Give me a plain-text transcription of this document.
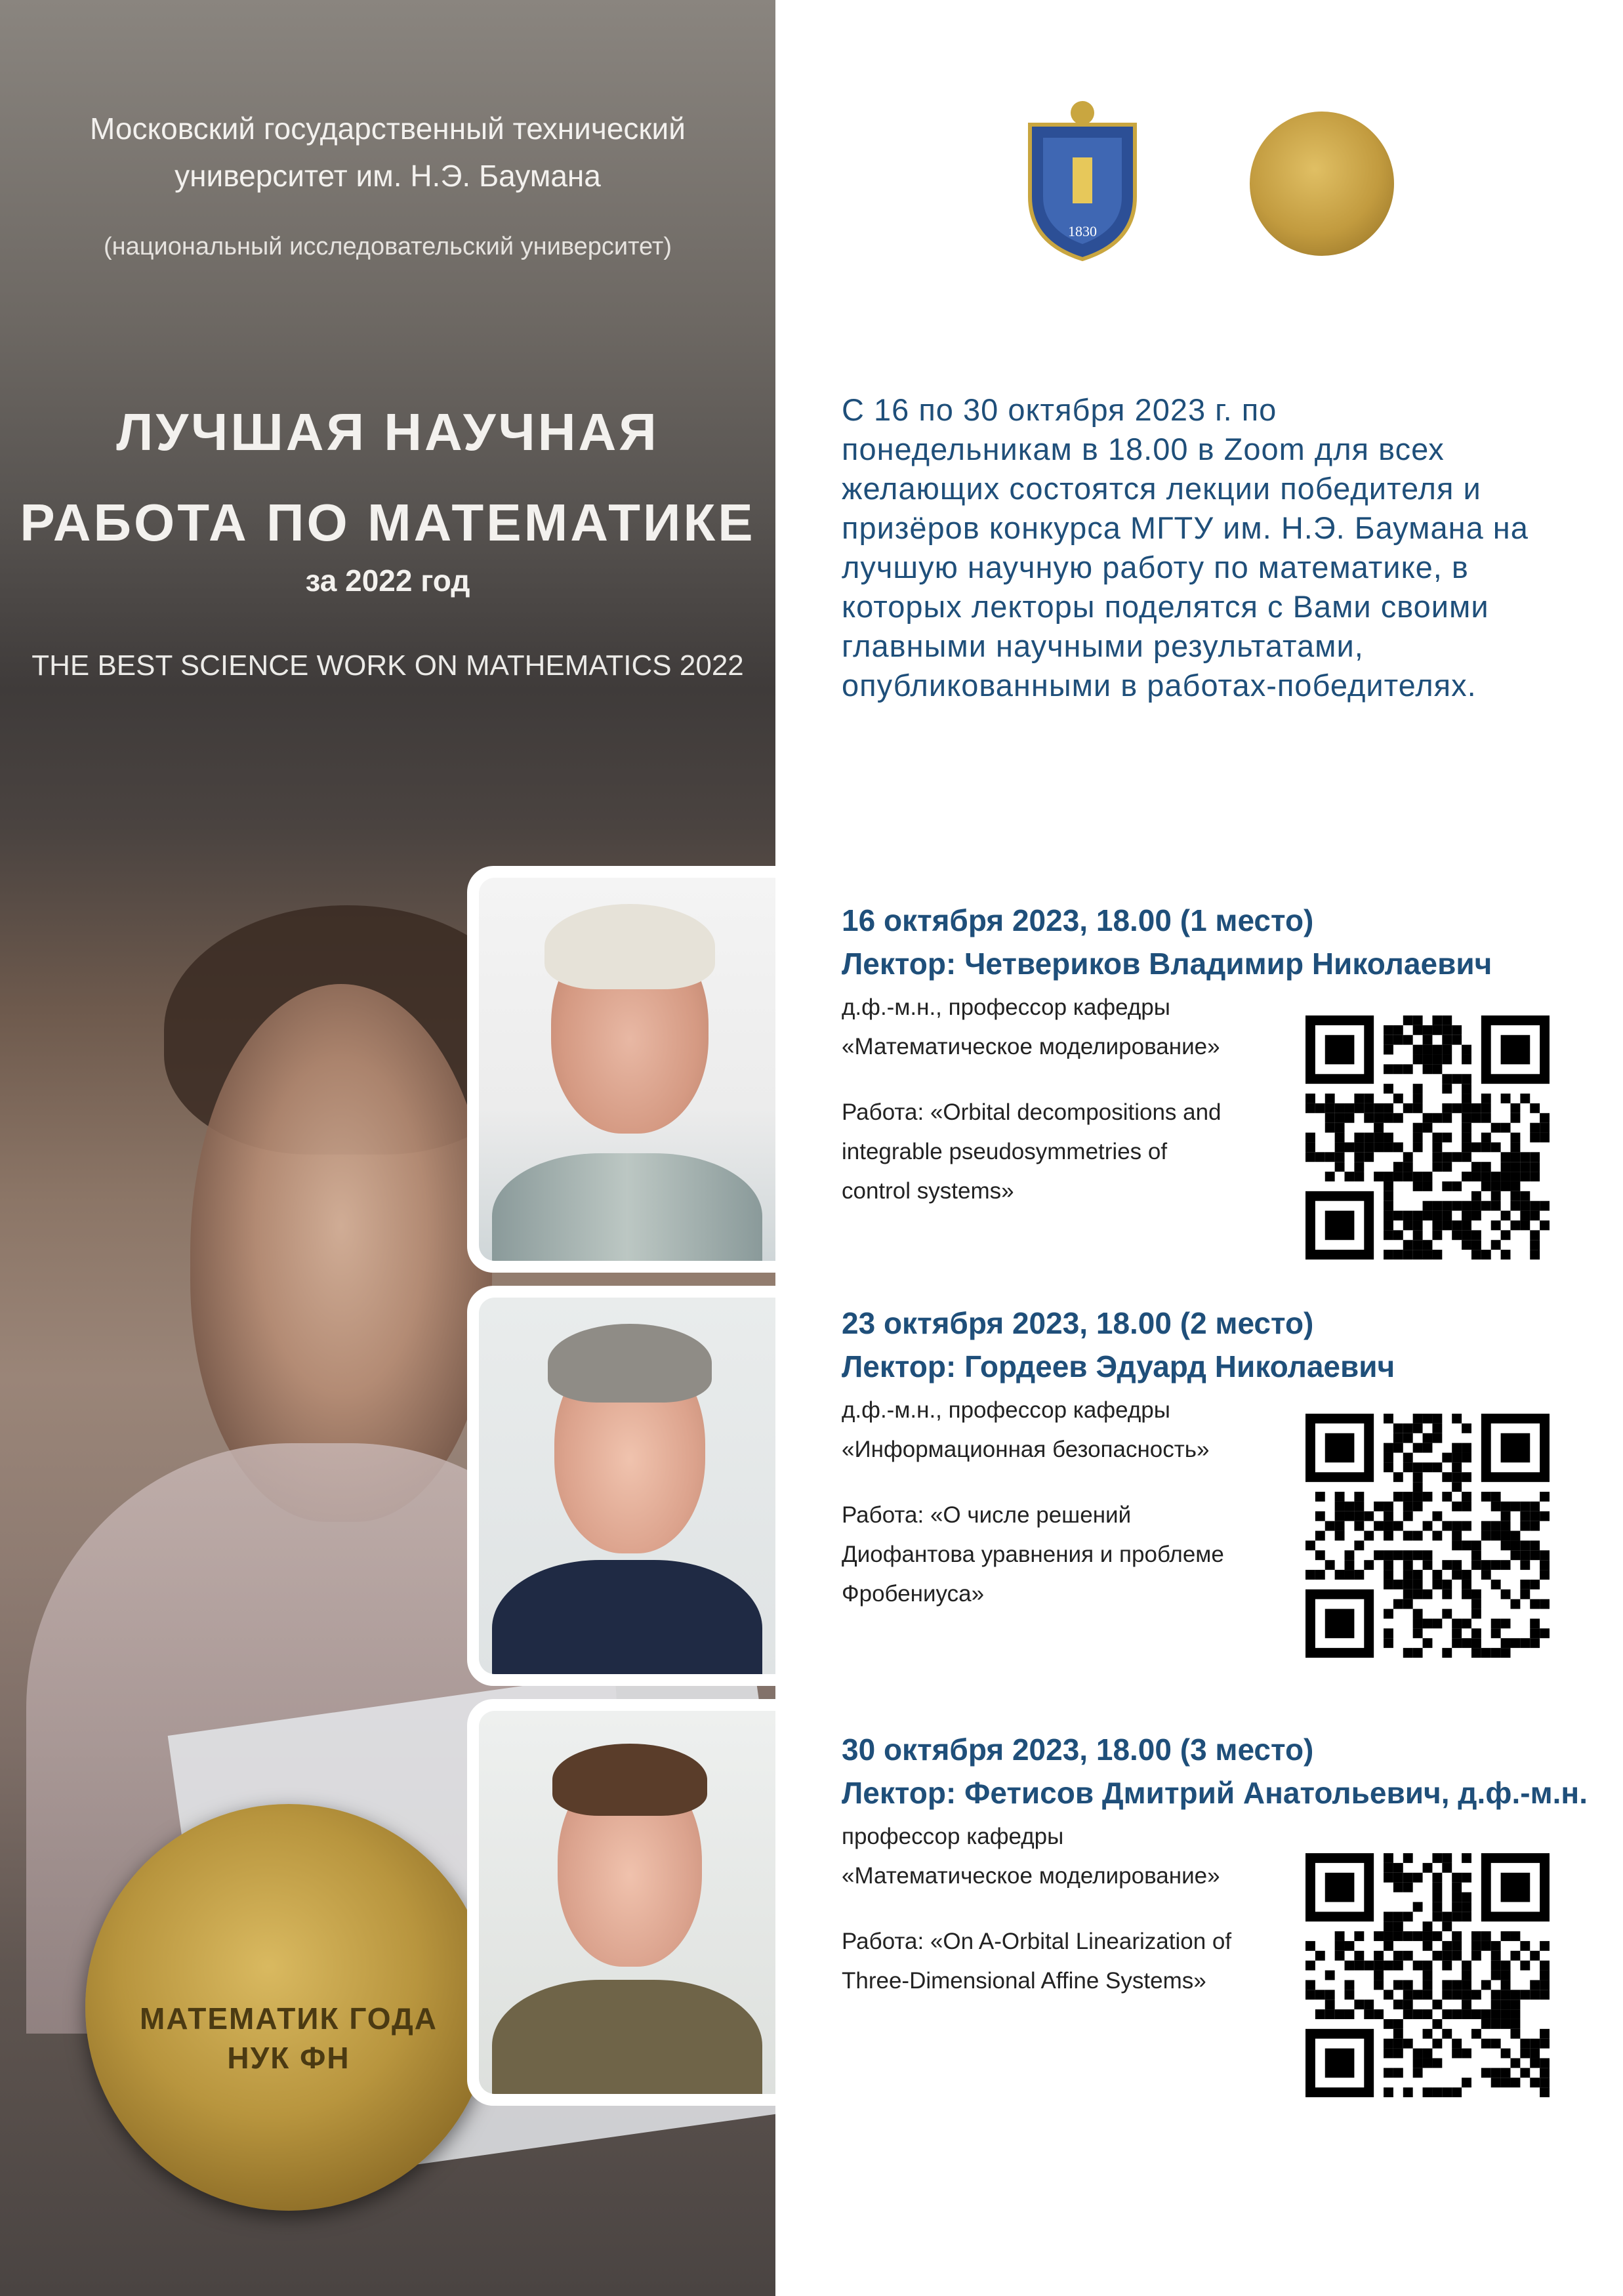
Московский государственный технический
университет им. Н.Э. Баумана
(национальный исследовательский университет)
ЛУЧШАЯ НАУЧНАЯ
РАБОТА ПО МАТЕМАТИКЕ
за 2022 год
THE BEST SCIENCE WORK ON MATHEMATICS 2022
МАТЕМАТИК ГОДА
НУК ФН
1830

С 16 по 30 октября 2023 г. по

понедельникам в 18.00 в Zoom для всех

желающих состоятся лекции победителя и

призёров конкурса МГТУ им. Н.Э. Баумана на

лучшую научную работу по математике, в

которых лекторы поделятся с Вами своими

главными научными результатами,

опубликованными в работах-победителях.

16 октября 2023, 18.00 (1 место)
Лектор: Четвериков Владимир Николаевич
д.ф.-м.н., профессор кафедры
«Математическое моделирование»
Работа: «Orbital decompositions and integrable pseudosymmetries of control systems»
23 октября 2023, 18.00 (2 место)
Лектор: Гордеев Эдуард Николаевич
д.ф.-м.н., профессор кафедры
«Информационная безопасность»
Работа: «О числе решений Диофантова уравнения и проблеме Фробениуса»
30 октября 2023, 18.00 (3 место)
Лектор: Фетисов Дмитрий Анатольевич, д.ф.-м.н.
профессор кафедры
«Математическое моделирование»
Работа: «On A-Orbital Linearization of Three-Dimensional Affine Systems»
